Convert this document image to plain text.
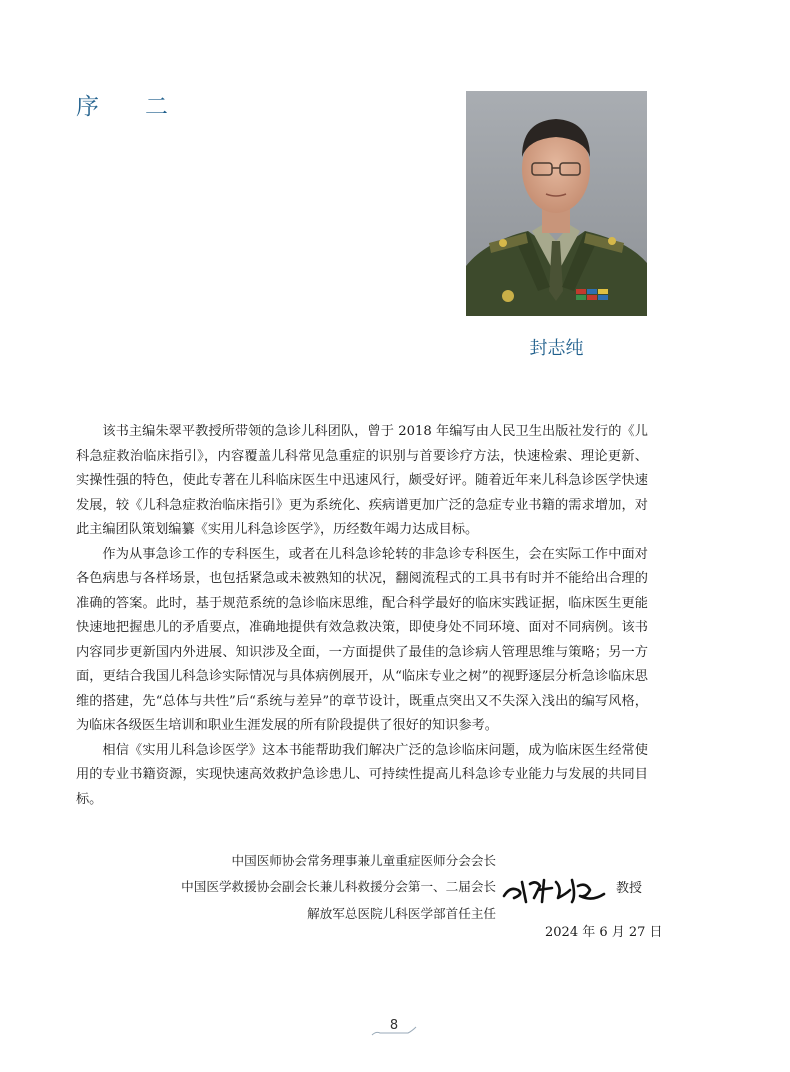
序 二
封志纯

该书主编朱翠平教授所带领的急诊儿科团队，曾于 2018 年编写由人民卫生出版社发行的《儿科急症救治临床指引》，内容覆盖儿科常见急重症的识别与首要诊疗方法，快速检索、理论更新、实操性强的特色，使此专著在儿科临床医生中迅速风行，颇受好评。随着近年来儿科急诊医学快速发展，较《儿科急症救治临床指引》更为系统化、疾病谱更加广泛的急症专业书籍的需求增加，对此主编团队策划编纂《实用儿科急诊医学》，历经数年竭力达成目标。

作为从事急诊工作的专科医生，或者在儿科急诊轮转的非急诊专科医生，会在实际工作中面对各色病患与各样场景，也包括紧急或未被熟知的状况，翻阅流程式的工具书有时并不能给出合理的准确的答案。此时，基于规范系统的急诊临床思维，配合科学最好的临床实践证据，临床医生更能快速地把握患儿的矛盾要点，准确地提供有效急救决策，即使身处不同环境、面对不同病例。该书内容同步更新国内外进展、知识涉及全面，一方面提供了最佳的急诊病人管理思维与策略；另一方面，更结合我国儿科急诊实际情况与具体病例展开，从“临床专业之树”的视野逐层分析急诊临床思维的搭建，先“总体与共性”后“系统与差异”的章节设计，既重点突出又不失深入浅出的编写风格，为临床各级医生培训和职业生涯发展的所有阶段提供了很好的知识参考。

相信《实用儿科急诊医学》这本书能帮助我们解决广泛的急诊临床问题，成为临床医生经常使用的专业书籍资源，实现快速高效救护急诊患儿、可持续性提高儿科急诊专业能力与发展的共同目标。

中国医师协会常务理事兼儿童重症医师分会会长
中国医学救援协会副会长兼儿科救援分会第一、二届会长
解放军总医院儿科医学部首任主任
教授
2024 年 6 月 27 日
8
